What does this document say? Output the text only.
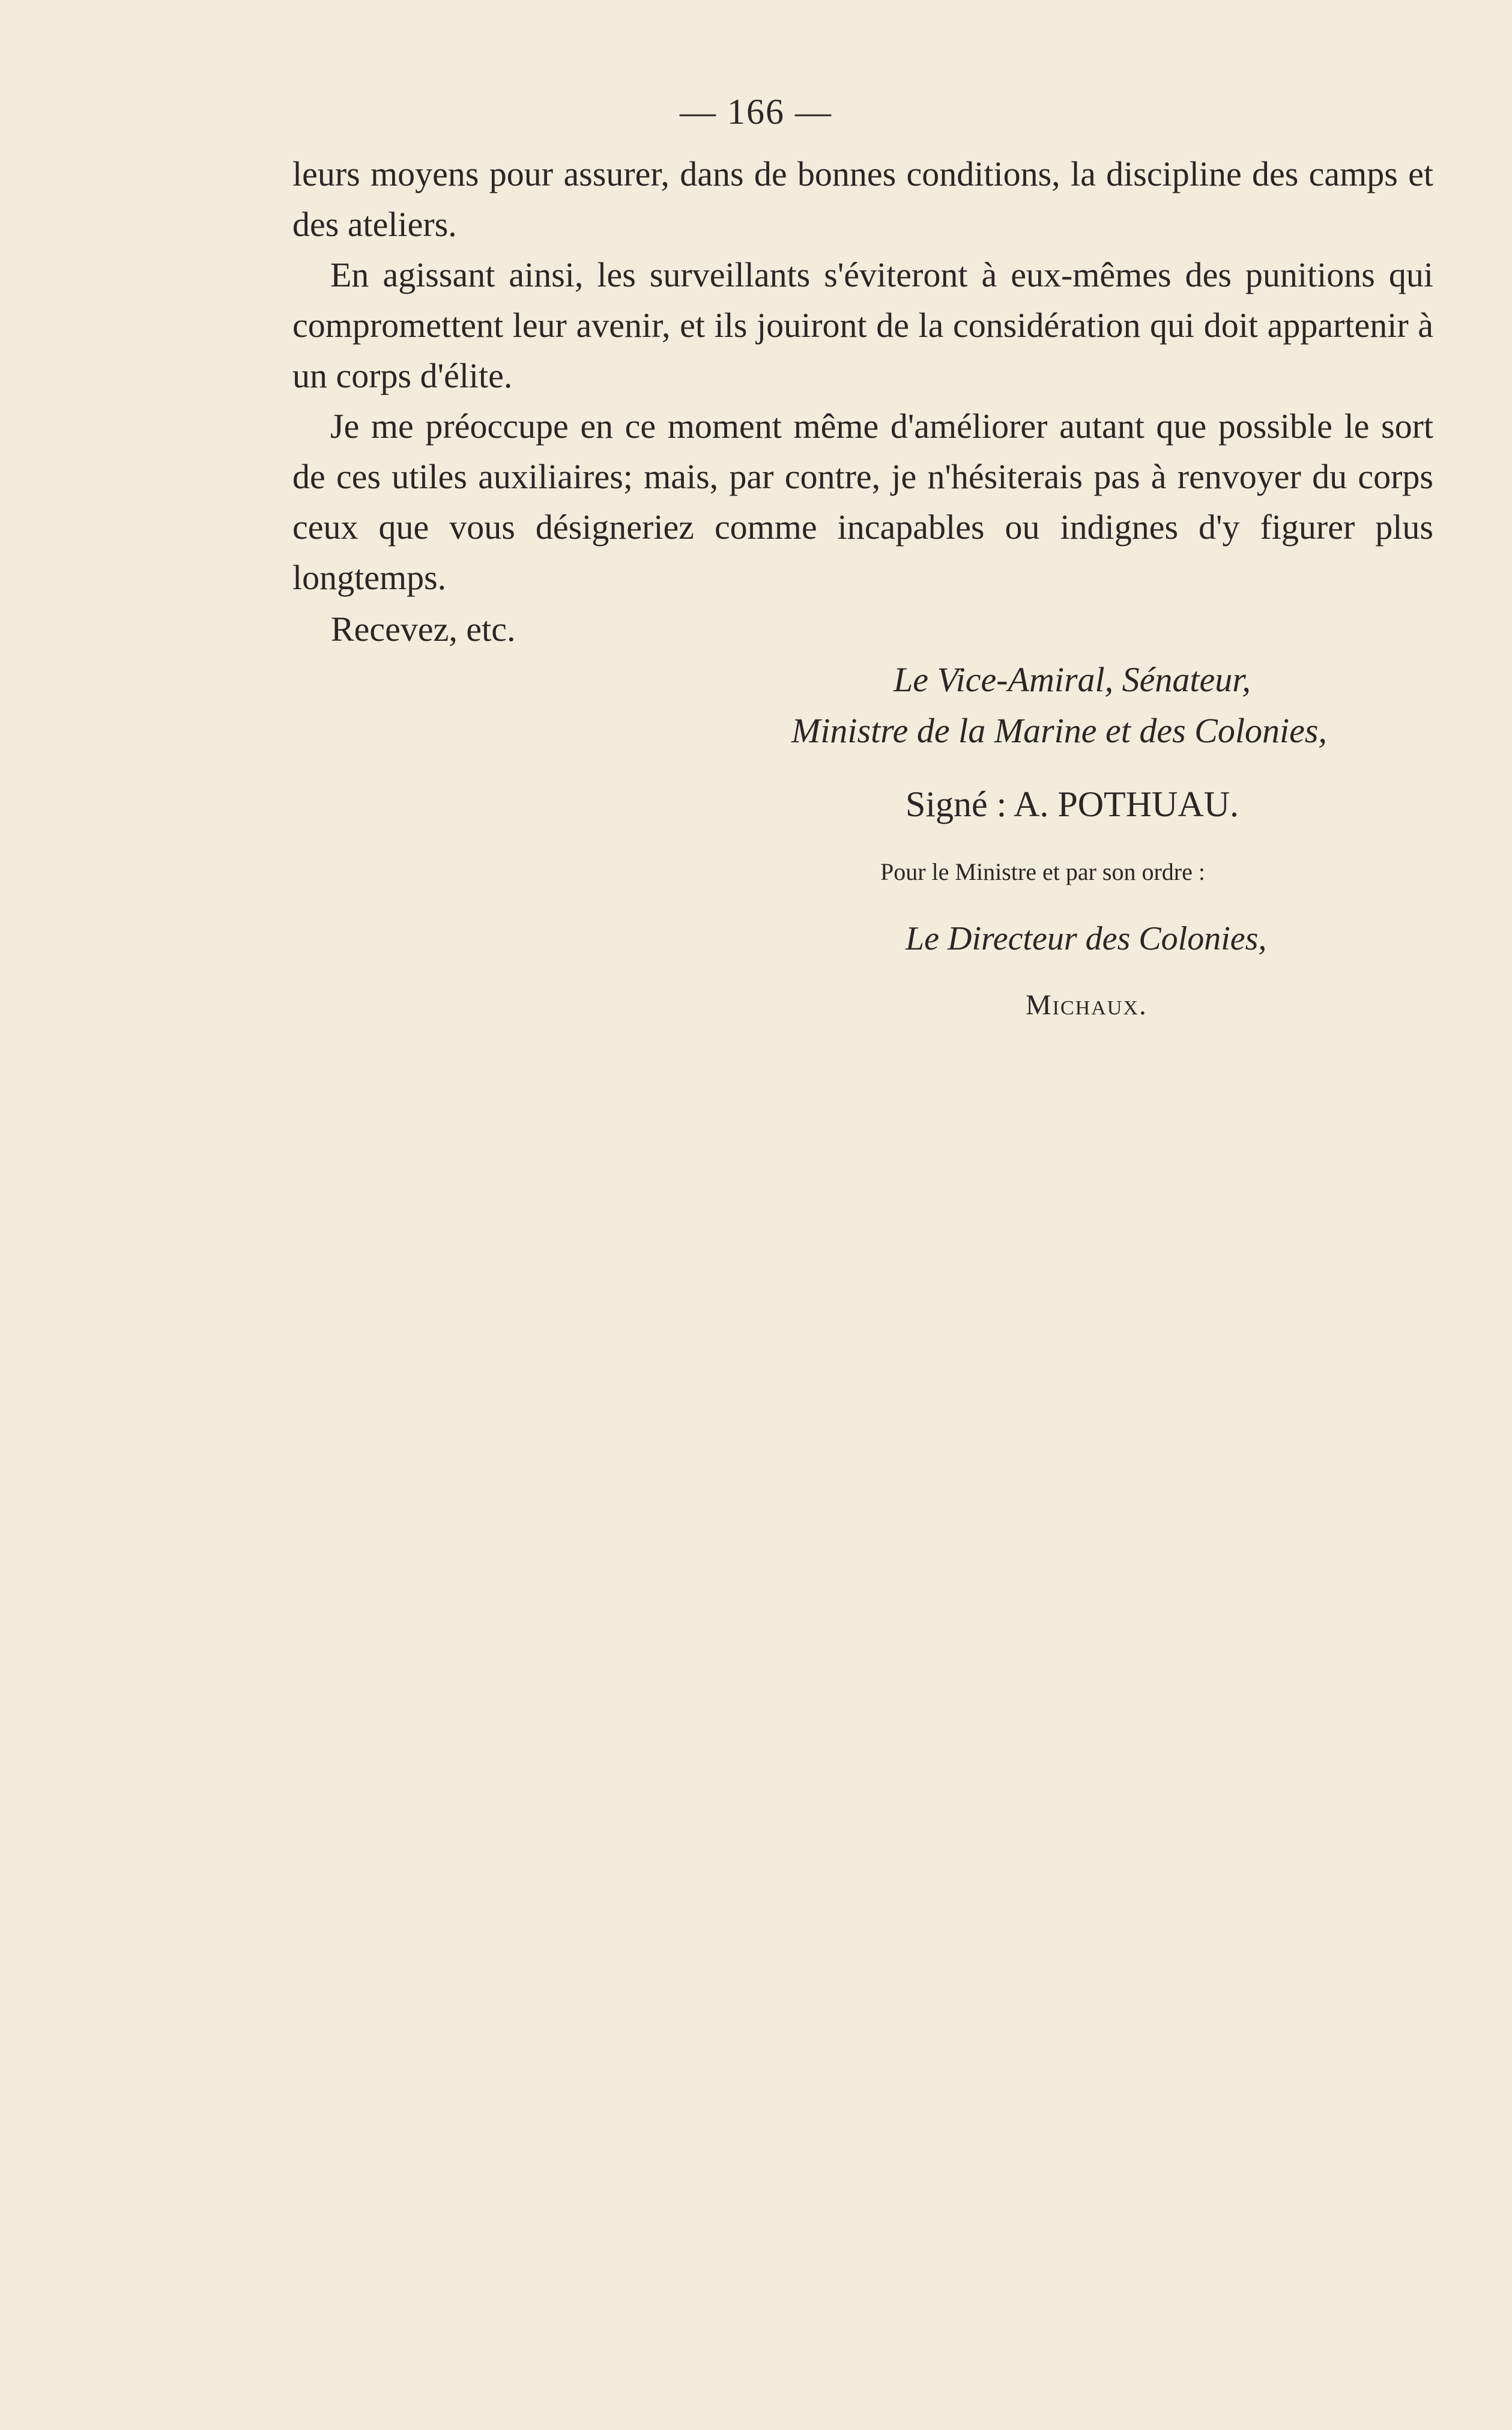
— 166 —

leurs moyens pour assurer, dans de bonnes conditions, la discipline des camps et des ateliers.

En agissant ainsi, les surveillants s'éviteront à eux-mêmes des punitions qui compromettent leur avenir, et ils jouiront de la considération qui doit appartenir à un corps d'élite.

Je me préoccupe en ce moment même d'améliorer autant que possible le sort de ces utiles auxiliaires; mais, par contre, je n'hésiterais pas à renvoyer du corps ceux que vous désigneriez comme incapables ou indignes d'y figurer plus longtemps.

Recevez, etc.
Le Vice-Amiral, Sénateur,
Ministre de la Marine et des Colonies,
Signé : A. POTHUAU.
Pour le Ministre et par son ordre :
Le Directeur des Colonies,
Michaux.
